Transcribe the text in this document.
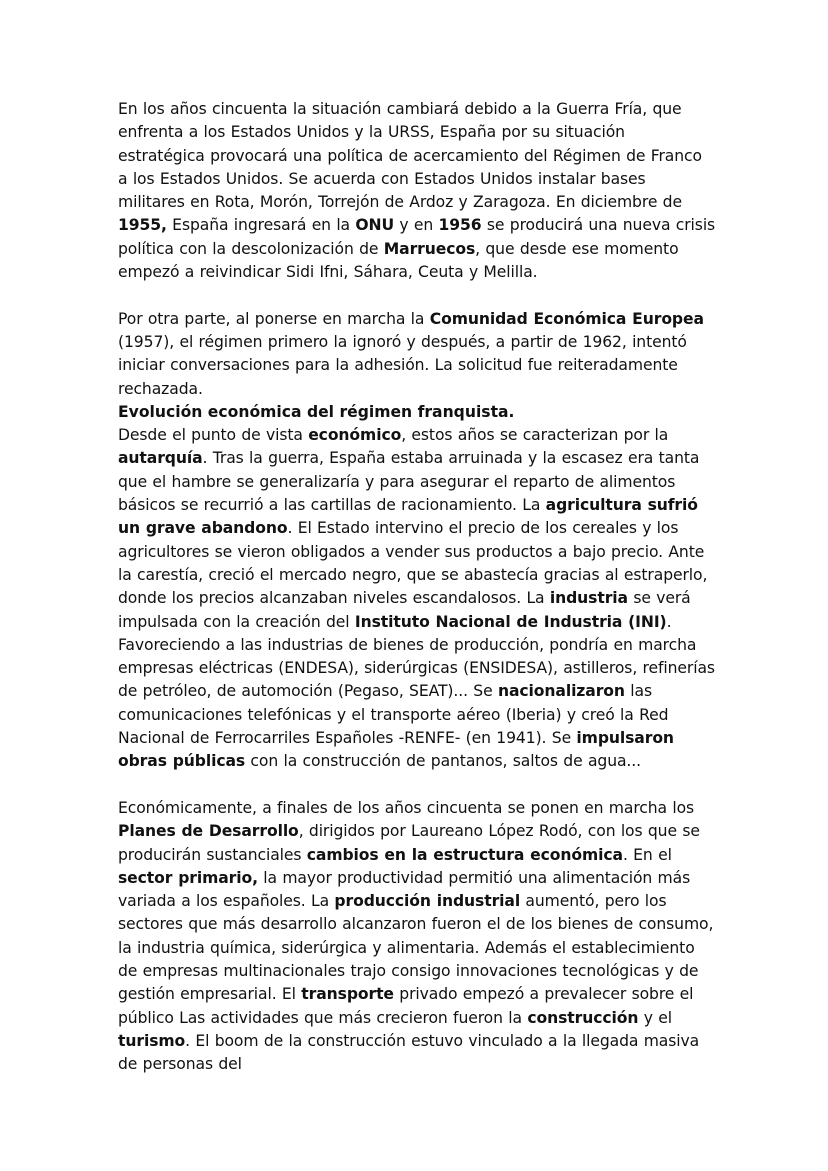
En los años cincuenta la situación cambiará debido a la Guerra Fría, que enfrenta a los Estados Unidos y la URSS, España por su situación estratégica provocará una política de acercamiento del Régimen de Franco a los Estados Unidos. Se acuerda con Estados Unidos instalar bases militares en Rota, Morón, Torrejón de Ardoz y Zaragoza. En diciembre de 1955, España ingresará en la ONU y en 1956 se producirá una nueva crisis política con la descolonización de Marruecos, que desde ese momento empezó a reivindicar Sidi Ifni, Sáhara, Ceuta y Melilla.

Por otra parte, al ponerse en marcha la Comunidad Económica Europea (1957), el régimen primero la ignoró y después, a partir de 1962, intentó iniciar conversaciones para la adhesión. La solicitud fue reiteradamente rechazada.

Evolución económica del régimen franquista.

Desde el punto de vista económico, estos años se caracterizan por la autarquía. Tras la guerra, España estaba arruinada y la escasez era tanta que el hambre se generalizaría y para asegurar el reparto de alimentos básicos se recurrió a las cartillas de racionamiento. La agricultura sufrió un grave abandono. El Estado intervino el precio de los cereales y los agricultores se vieron obligados a vender sus productos a bajo precio. Ante la carestía, creció el mercado negro, que se abastecía gracias al estraperlo, donde los precios alcanzaban niveles escandalosos. La industria se verá impulsada con la creación del Instituto Nacional de Industria (INI). Favoreciendo a las industrias de bienes de producción, pondría en marcha empresas eléctricas (ENDESA), siderúrgicas (ENSIDESA), astilleros, refinerías de petróleo, de automoción (Pegaso, SEAT)... Se nacionalizaron las comunicaciones telefónicas y el transporte aéreo (Iberia) y creó la Red Nacional de Ferrocarriles Españoles -RENFE- (en 1941). Se impulsaron obras públicas con la construcción de pantanos, saltos de agua...

Económicamente, a finales de los años cincuenta se ponen en marcha los Planes de Desarrollo, dirigidos por Laureano López Rodó, con los que se producirán sustanciales cambios en la estructura económica. En el sector primario, la mayor productividad permitió una alimentación más variada a los españoles. La producción industrial aumentó, pero los sectores que más desarrollo alcanzaron fueron el de los bienes de consumo, la industria química, siderúrgica y alimentaria. Además el establecimiento de empresas multinacionales trajo consigo innovaciones tecnológicas y de gestión empresarial. El transporte privado empezó a prevalecer sobre el público Las actividades que más crecieron fueron la construcción y el turismo. El boom de la construcción estuvo vinculado a la llegada masiva de personas del
